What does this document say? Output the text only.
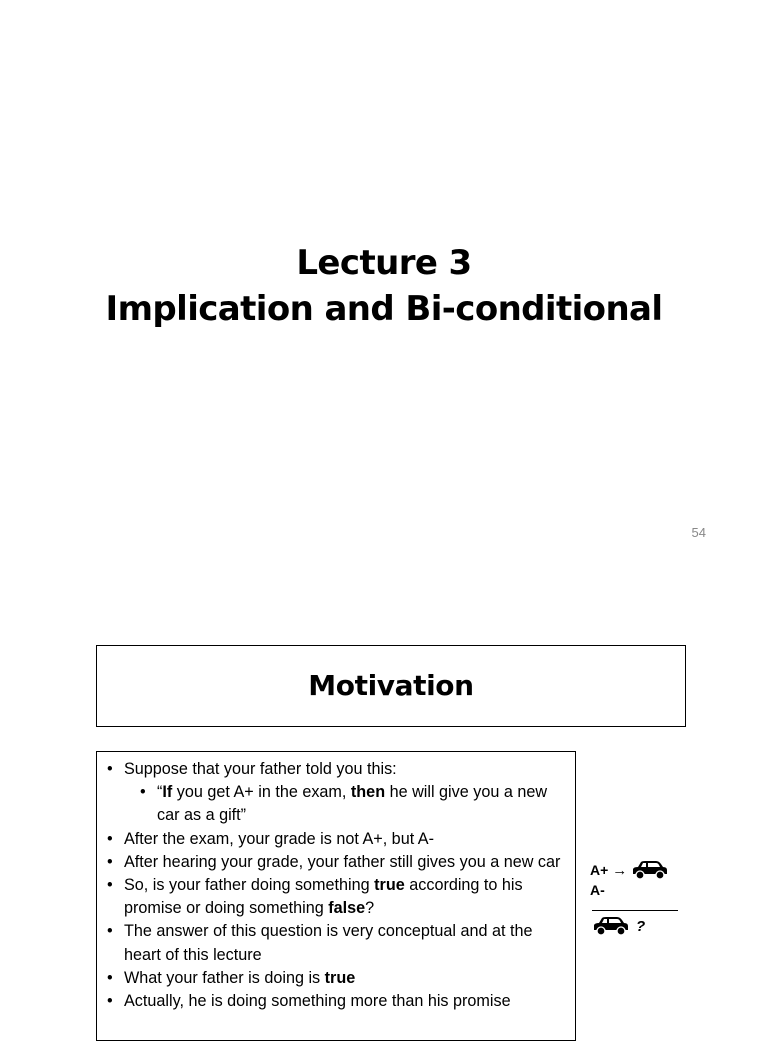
Lecture 3
Implication and Bi-conditional
54
Motivation
• Suppose that your father told you this:
• “If you get A+ in the exam, then he will give you a new car as a gift”
• After the exam, your grade is not A+, but A-
• After hearing your grade, your father still gives you a new car
• So, is your father doing something true according to his promise or doing something false?
• The answer of this question is very conceptual and at the heart of this lecture
• What your father is doing is true
• Actually, he is doing something more than his promise
A+ →
A-
?
